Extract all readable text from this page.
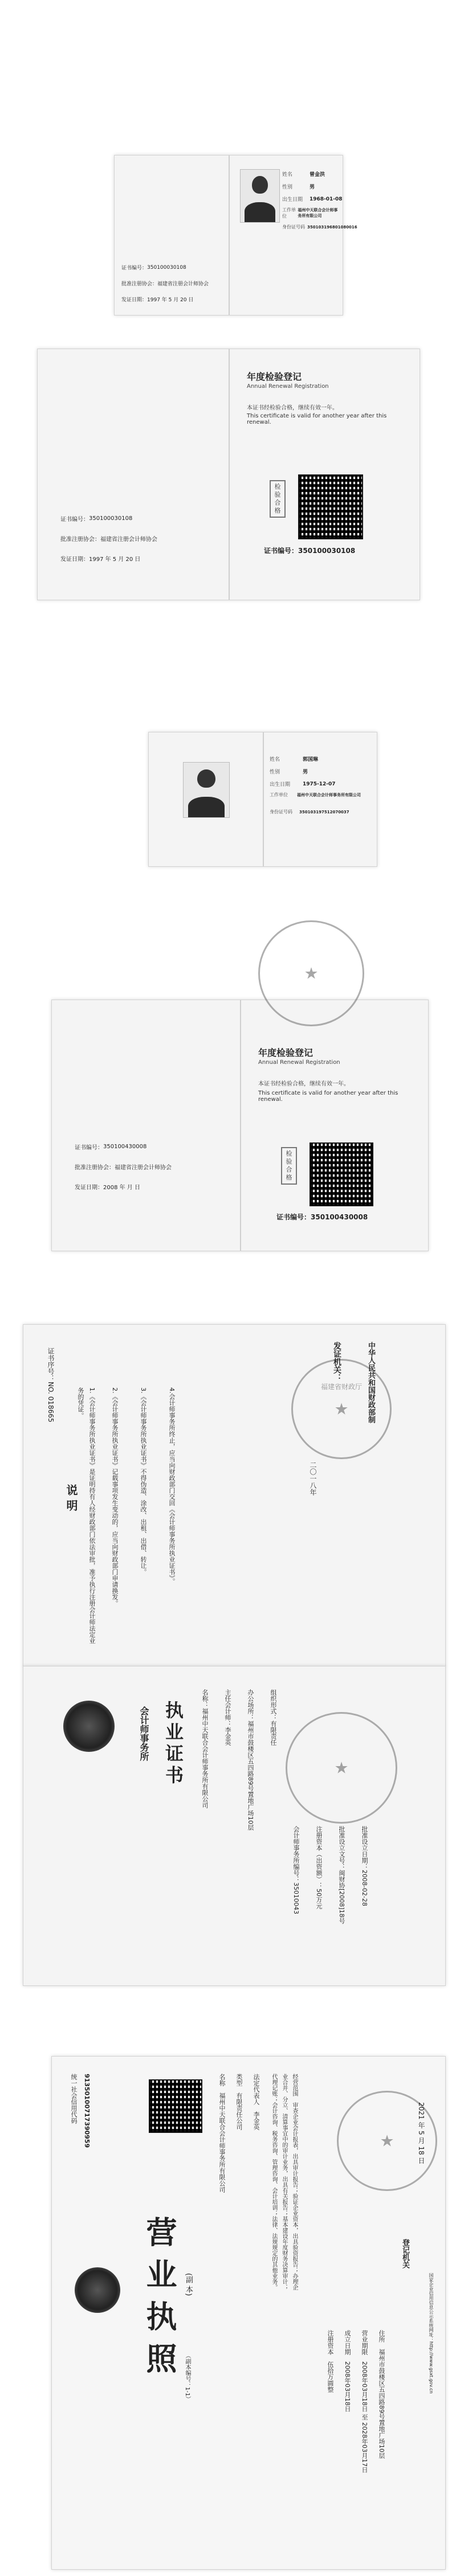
证书编号： 350100030108
批准注册协会： 福建省注册会计师协会
发证日期： 1997 年 5 月 20 日
姓名	曾金洪
性别	男
出生日期	1968-01-08
工作单位
福州中天联合会计师事务所有限公司
身份证号码 350103196801080016
证书编号： 350100030108
批准注册协会： 福建省注册会计师协会
发证日期： 1997 年 5 月 20 日
年度检验登记
Annual Renewal Registration
本证书经检验合格，继续有效一年。
This certificate is valid for another year after this renewal.
检验合格
证书编号：350100030108
姓名	郭国琳
性别	男
出生日期	1975-12-07
工作单位	福州中天联合会计师事务所有限公司
身份证号码	350103197512070037
证书编号： 350100430008
批准注册协会： 福建省注册会计师协会
发证日期： 2008 年 月 日
★
年度检验登记
Annual Renewal Registration
本证书经检验合格，继续有效一年。
This certificate is valid for another year after this renewal.
检验合格
证书编号：350100430008
福建省财政厅
★ 中华人民共和国财政部制
发证机关：
二〇一八年
4.会计师事务所终止，应当向财政部门交回《会计师事务所执业证书》。
3.《会计师事务所执业证书》不得伪造、涂改、出租、出借、转让。
2.《会计师事务所执业证书》记载事项发生变动的，应当向财政部门申请换发。
1.《会计师事务所执业证书》是证明持有人经财政部门依法审批，准予执行注册会计师法定业务的凭证。
说 明
证书序号：NO. 018665
会计师事务所 执业证书	★
名称：福州中天联合会计师事务所有限公司
主任会计师：李金英
办公场所：福州市鼓楼区五四路89号置地广场10层
组织形式：有限责任
会计师事务所编号：35010043
注册资本（出资额）：50万元
批准设立文号：闽财协[2008]18号
批准设立日期：2008-02-28
营业执照 (副 本)
（副本编号：1-1）
统一社会信用代码 91350100717390959	名称　福州中天联合会计师事务所有限公司
类型　有限责任公司
法定代表人　李金英
经营范围　审查企业会计报表，出具审计报告；验证企业资本，出具验资报告；办理企业合并、分立、清算事宜中的审计业务，出具有关报告；基本建设年度财务决算审计；代理记账；会计咨询、税务咨询、管理咨询、会计培训；法律、法规规定的其他业务。
注册资本　伍拾万圆整
成立日期　2008年03月18日
营业期限　2008年03月18日 至 2028年03月17日
住所　福州市鼓楼区五四路89号置地广场10层
★
登记机关
2021 年 5 月 18 日
国家企业信用信息公示系统网址：http://www.gsxt.gov.cn
